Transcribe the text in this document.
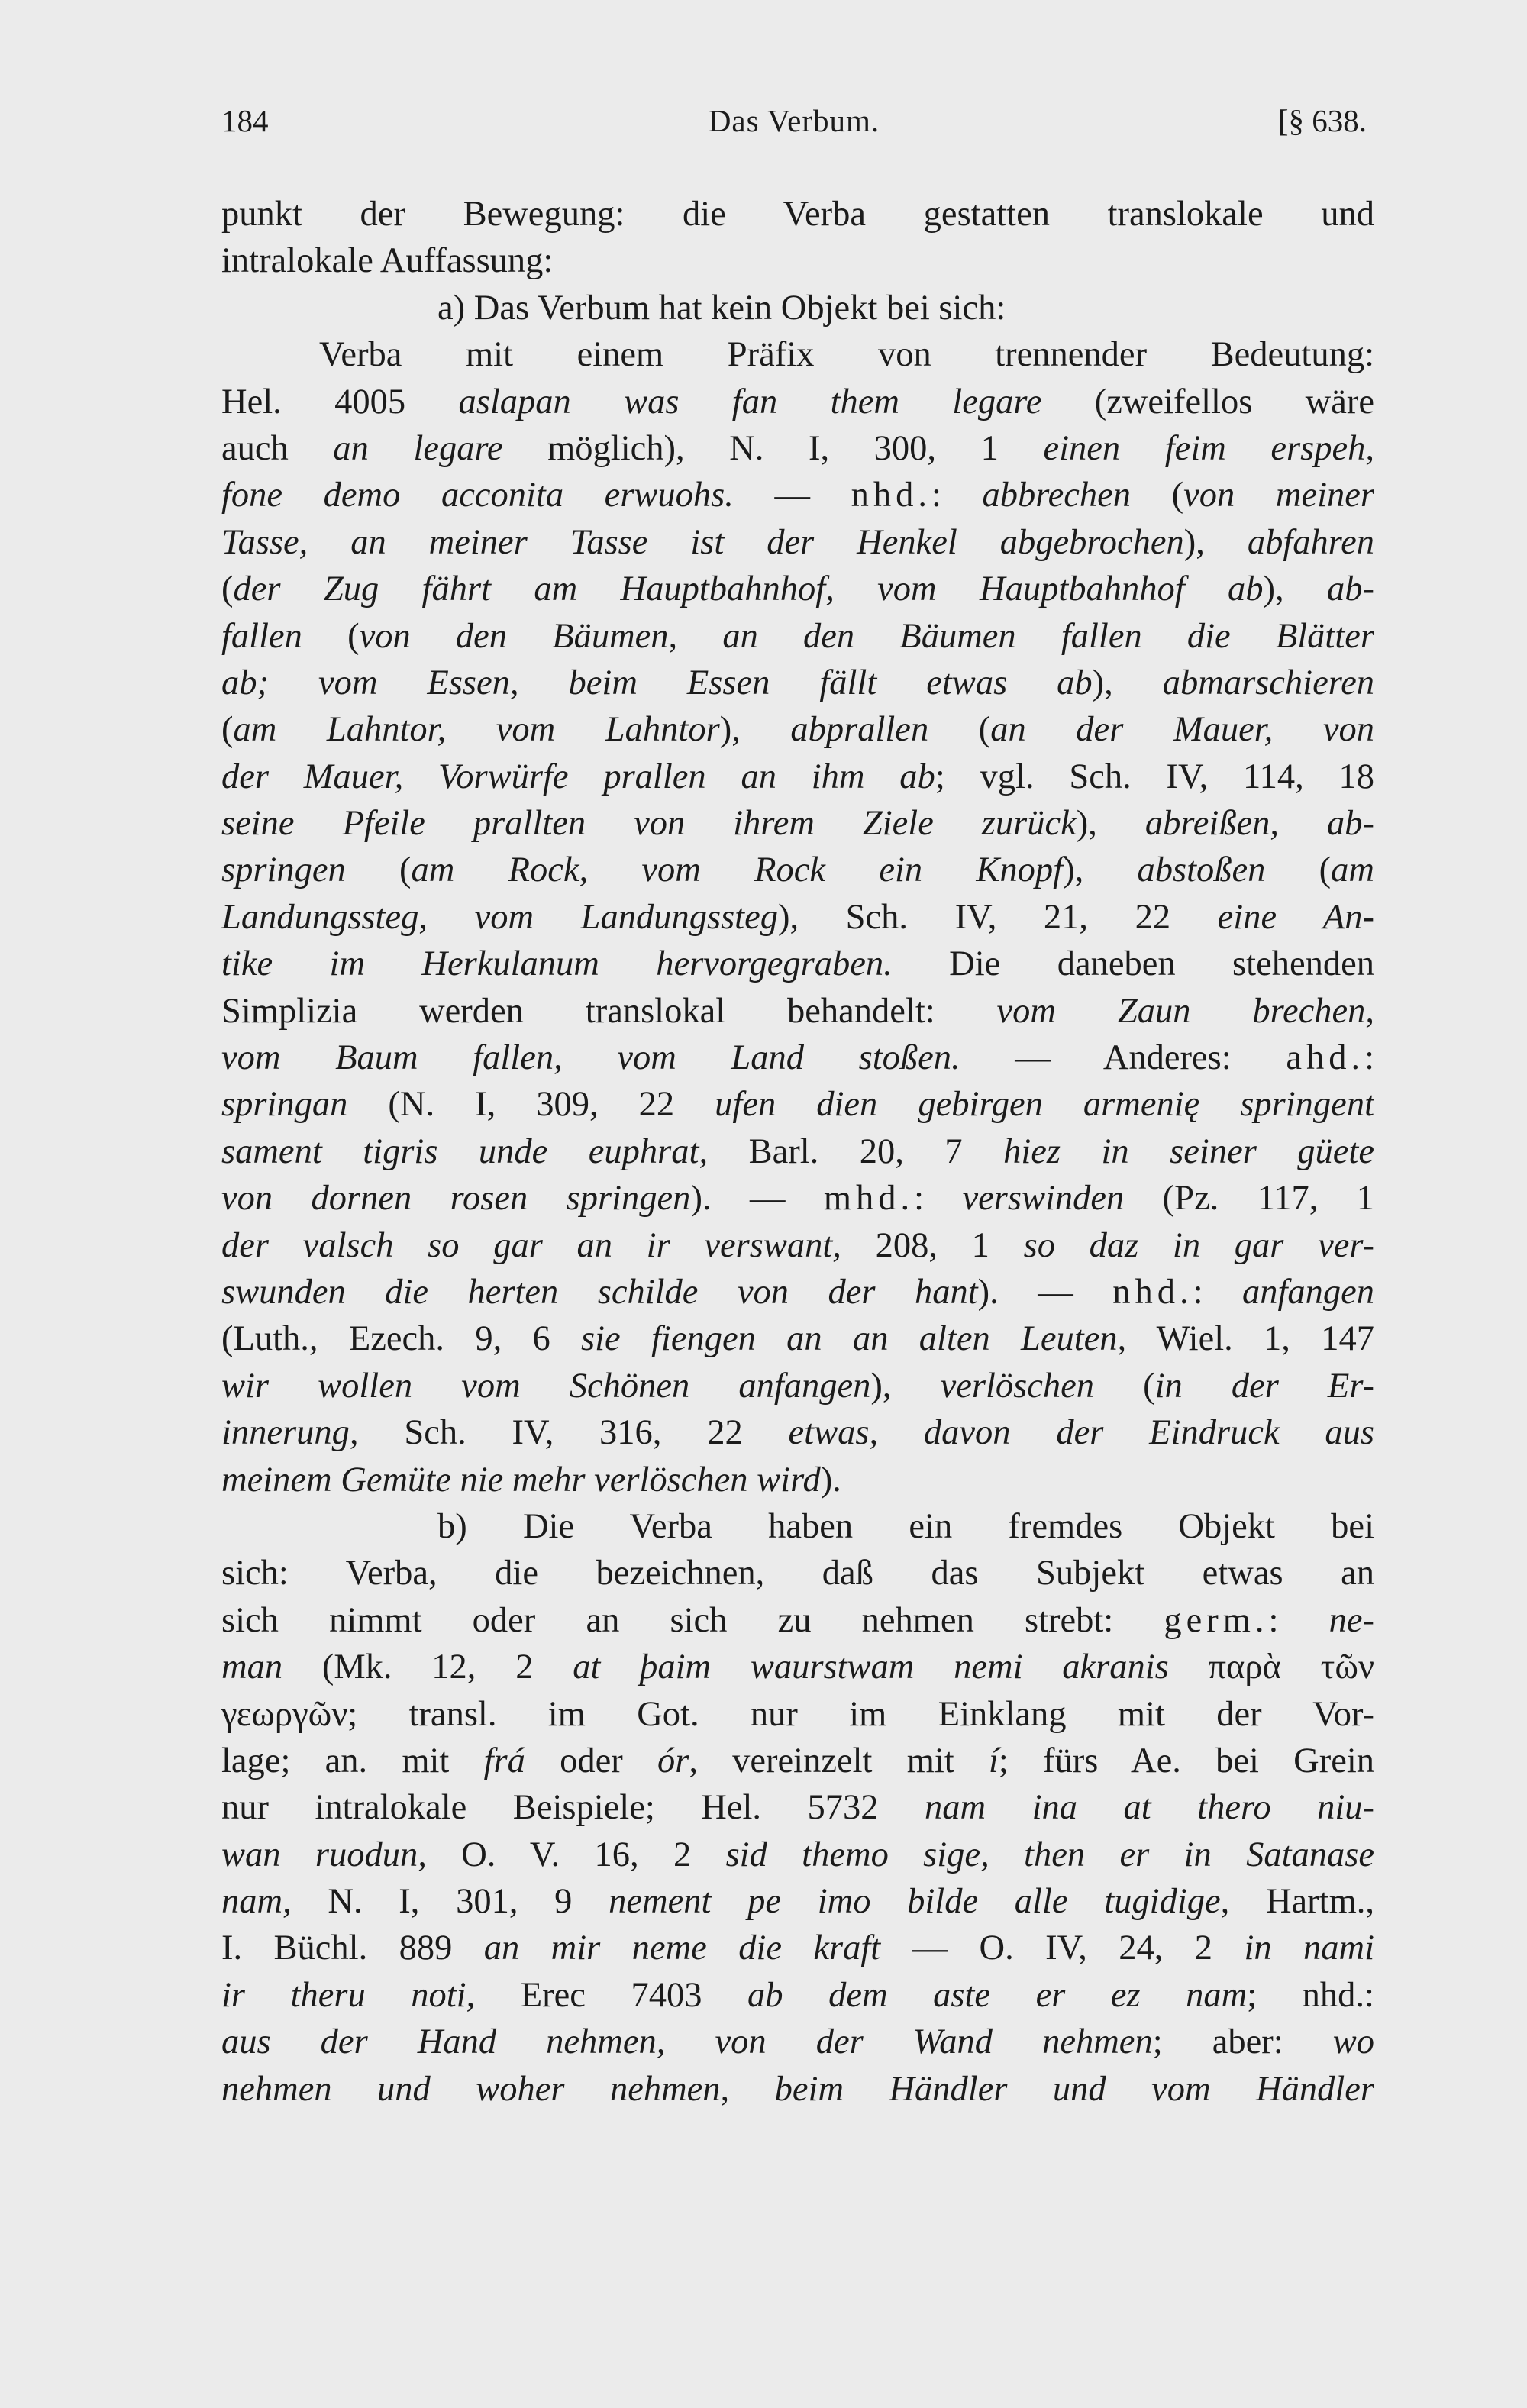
184	Das Verbum.	[§ 638.
punkt der Bewegung: die Verba gestatten translokale und
intralokale Auffassung:
a) Das Verbum hat kein Objekt bei sich:
Verba mit einem Präfix von trennender Bedeutung:
Hel. 4005 aslapan was fan them legare (zweifellos wäre
auch an legare möglich), N. I, 300, 1 einen feim erspeh,
fone demo acconita erwuohs. — nhd.: abbrechen (von meiner
Tasse, an meiner Tasse ist der Henkel abgebrochen), abfahren
(der Zug fährt am Hauptbahnhof, vom Hauptbahnhof ab), ab-
fallen (von den Bäumen, an den Bäumen fallen die Blätter
ab; vom Essen, beim Essen fällt etwas ab), abmarschieren
(am Lahntor, vom Lahntor), abprallen (an der Mauer, von
der Mauer, Vorwürfe prallen an ihm ab; vgl. Sch. IV, 114, 18
seine Pfeile prallten von ihrem Ziele zurück), abreißen, ab-
springen (am Rock, vom Rock ein Knopf), abstoßen (am
Landungssteg, vom Landungssteg), Sch. IV, 21, 22 eine An-
tike im Herkulanum hervorgegraben. Die daneben stehenden
Simplizia werden translokal behandelt: vom Zaun brechen,
vom Baum fallen, vom Land stoßen. — Anderes: ahd.:
springan (N. I, 309, 22 ufen dien gebirgen armenię springent
sament tigris unde euphrat, Barl. 20, 7 hiez in seiner güete
von dornen rosen springen). — mhd.: verswinden (Pz. 117, 1
der valsch so gar an ir verswant, 208, 1 so daz in gar ver-
swunden die herten schilde von der hant). — nhd.: anfangen
(Luth., Ezech. 9, 6 sie fiengen an an alten Leuten, Wiel. 1, 147
wir wollen vom Schönen anfangen), verlöschen (in der Er-
innerung, Sch. IV, 316, 22 etwas, davon der Eindruck aus
meinem Gemüte nie mehr verlöschen wird).
b) Die Verba haben ein fremdes Objekt bei
sich: Verba, die bezeichnen, daß das Subjekt etwas an
sich nimmt oder an sich zu nehmen strebt: germ.: ne-
man (Mk. 12, 2 at þaim waurstwam nemi akranis παρὰ τῶν
γεωργῶν; transl. im Got. nur im Einklang mit der Vor-
lage; an. mit frá oder ór, vereinzelt mit í; fürs Ae. bei Grein
nur intralokale Beispiele; Hel. 5732 nam ina at thero niu-
wan ruodun, O. V. 16, 2 sid themo sige, then er in Satanase
nam, N. I, 301, 9 nement pe imo bilde alle tugidige, Hartm.,
I. Büchl. 889 an mir neme die kraft — O. IV, 24, 2 in nami
ir theru noti, Erec 7403 ab dem aste er ez nam; nhd.:
aus der Hand nehmen, von der Wand nehmen; aber: wo
nehmen und woher nehmen, beim Händler und vom Händler
